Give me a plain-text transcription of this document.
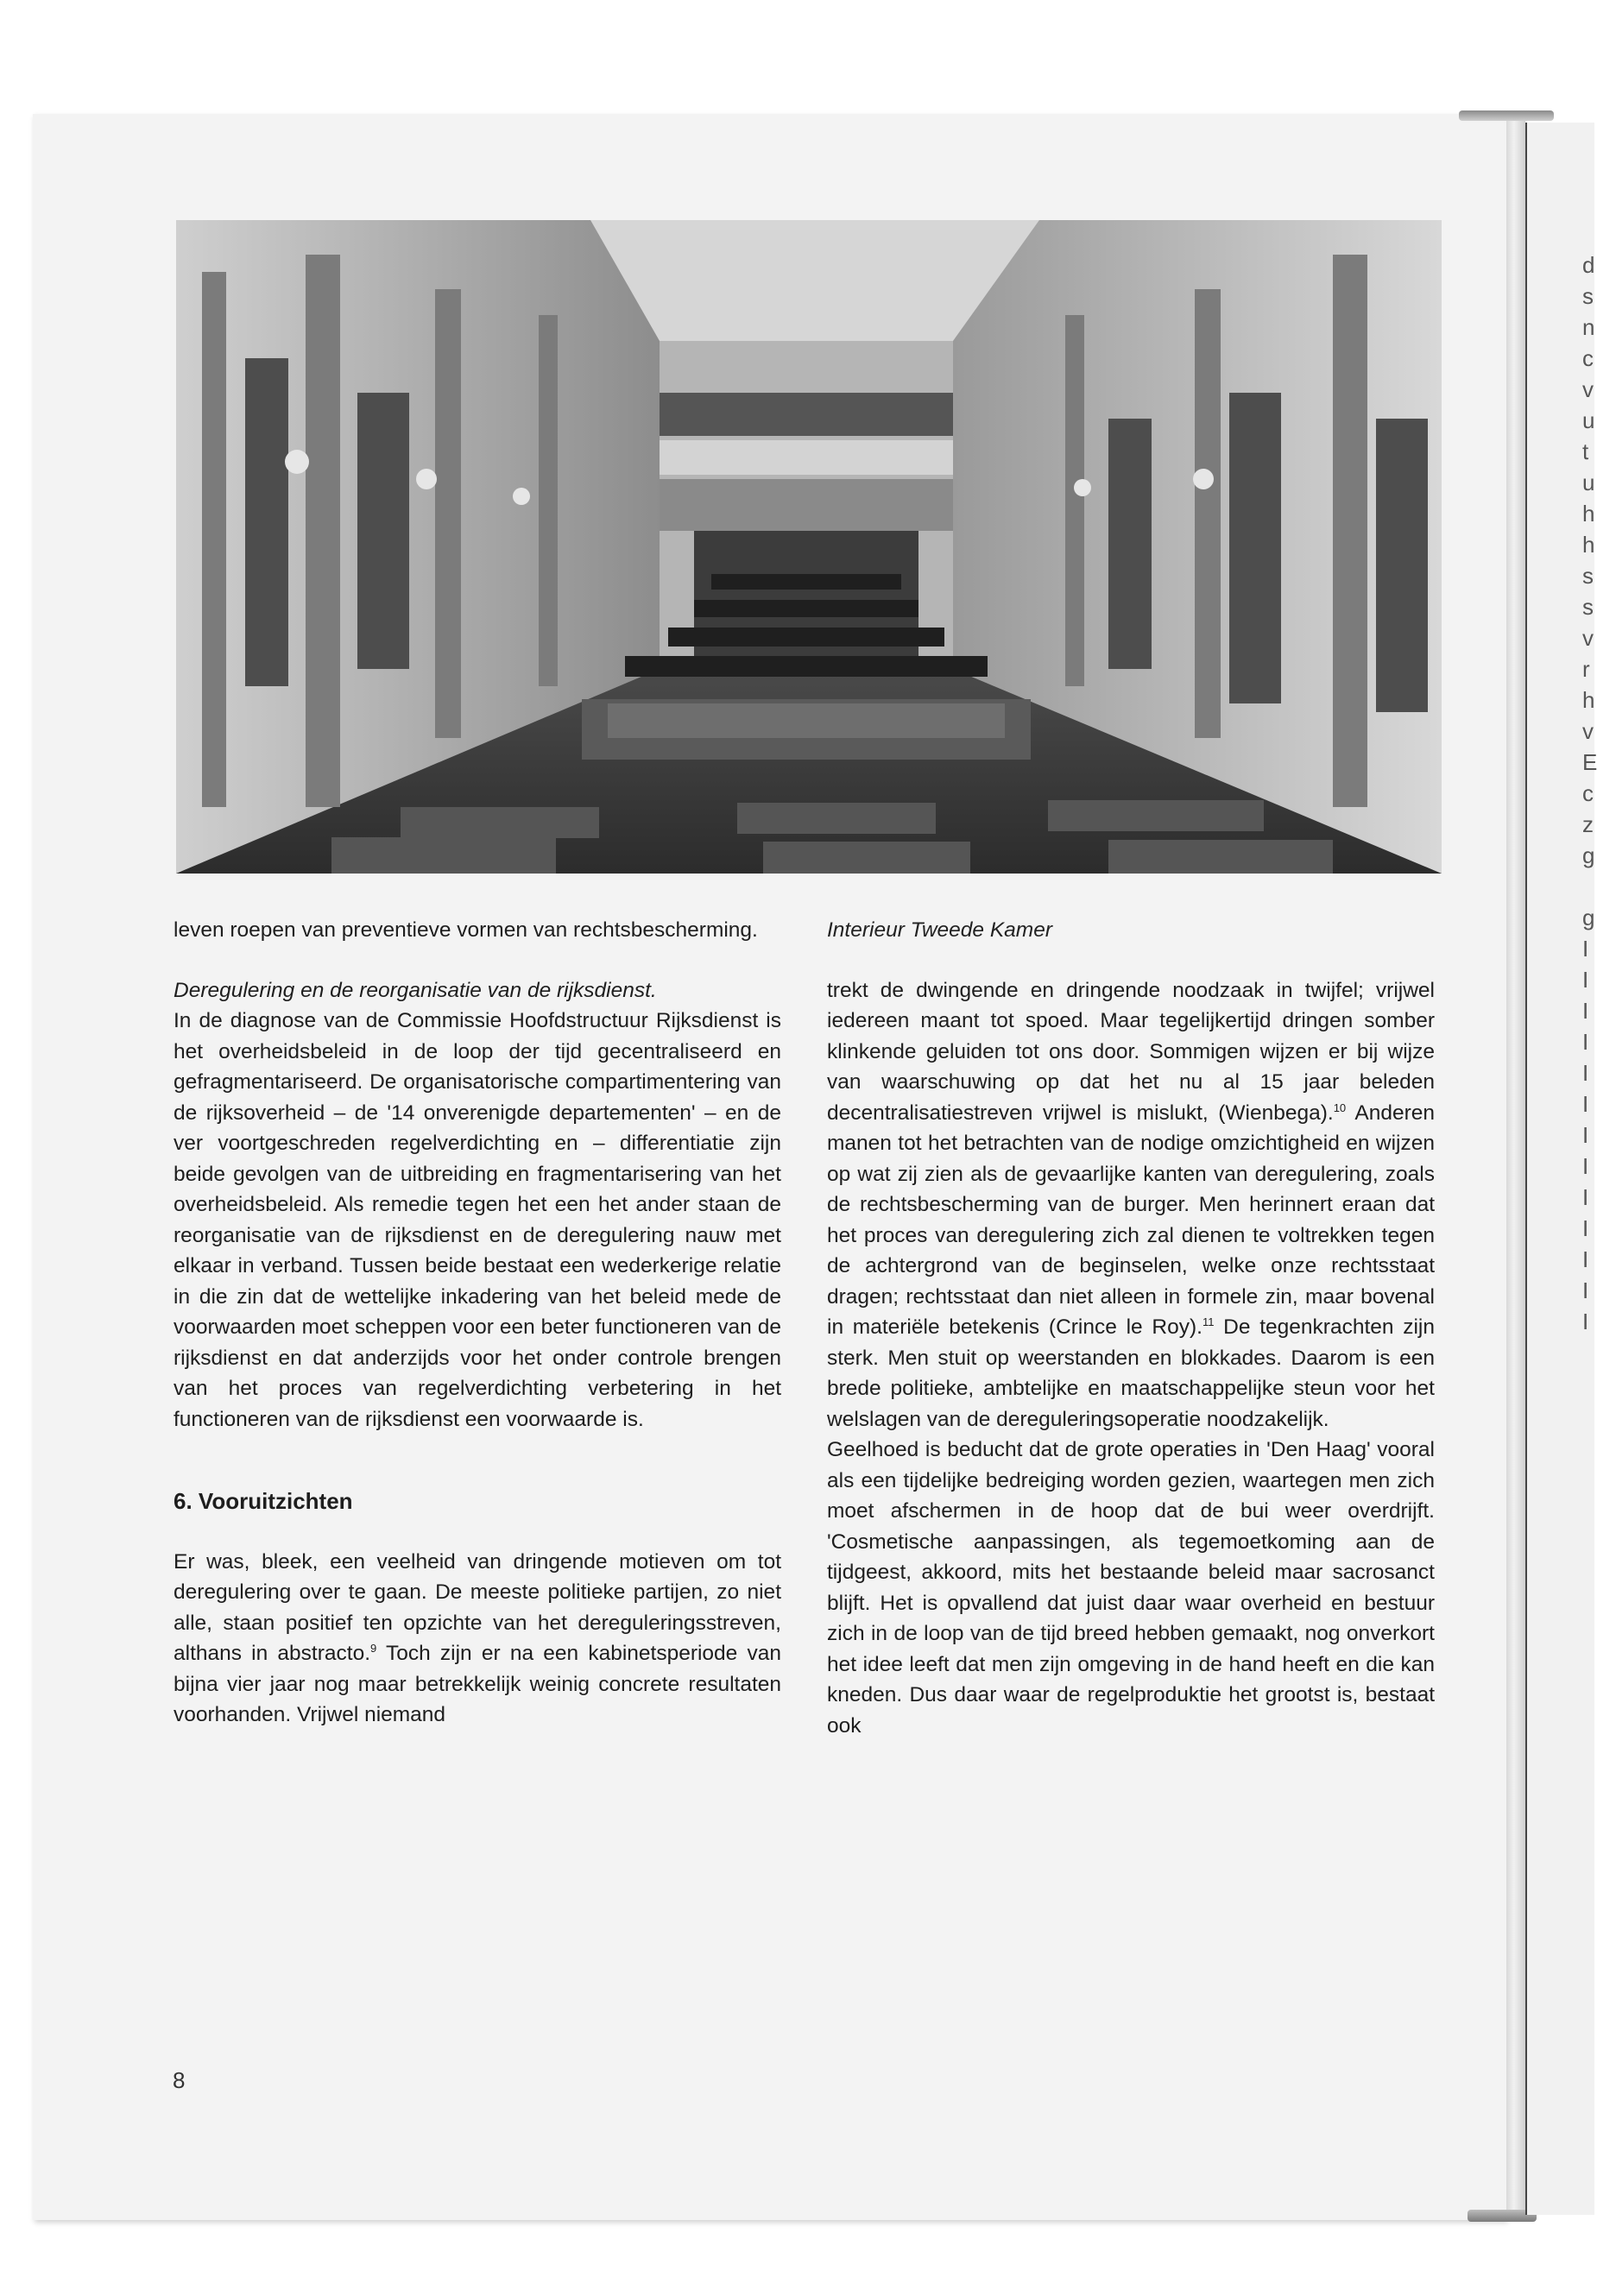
d
s
n
c
v
u
t
u
h
h
s
s
v
r
h
v
E
c
z
g
g
I
I
I
I
I
I
I
I
I
I
I
I
I

leven roepen van preventieve vormen van rechtsbescherming.

Deregulering en de reorganisatie van de rijksdienst.

In de diagnose van de Commissie Hoofdstructuur Rijksdienst is het overheidsbeleid in de loop der tijd gecentraliseerd en gefragmentariseerd. De organisatorische compartimentering van de rijksoverheid – de '14 onverenigde departementen' – en de ver voortgeschreden regelverdichting en – differentiatie zijn beide gevolgen van de uitbreiding en fragmentarisering van het overheidsbeleid. Als remedie tegen het een het ander staan de reorganisatie van de rijksdienst en de deregulering nauw met elkaar in verband. Tussen beide bestaat een wederkerige relatie in die zin dat de wettelijke inkadering van het beleid mede de voorwaarden moet scheppen voor een beter functioneren van de rijksdienst en dat anderzijds voor het onder controle brengen van het proces van regelverdichting verbetering in het functioneren van de rijksdienst een voorwaarde is.

6. Vooruitzichten

Er was, bleek, een veelheid van dringende motieven om tot deregulering over te gaan. De meeste politieke partijen, zo niet alle, staan positief ten opzichte van het dereguleringsstreven, althans in abstracto.$^9$ Toch zijn er na een kabinetsperiode van bijna vier jaar nog maar betrekkelijk weinig concrete resultaten voorhanden. Vrijwel niemand

Interieur Tweede Kamer

trekt de dwingende en dringende noodzaak in twijfel; vrijwel iedereen maant tot spoed. Maar tegelijkertijd dringen somber klinkende geluiden tot ons door. Sommigen wijzen er bij wijze van waarschuwing op dat het nu al 15 jaar beleden decentralisatiestreven vrijwel is mislukt, (Wienbega).$^{10}$ Anderen manen tot het betrachten van de nodige omzichtigheid en wijzen op wat zij zien als de gevaarlijke kanten van deregulering, zoals de rechtsbescherming van de burger. Men herinnert eraan dat het proces van deregulering zich zal dienen te voltrekken tegen de achtergrond van de beginselen, welke onze rechtsstaat dragen; rechtsstaat dan niet alleen in formele zin, maar bovenal in materiële betekenis (Crince le Roy).$^{11}$ De tegenkrachten zijn sterk. Men stuit op weerstanden en blokkades. Daarom is een brede politieke, ambtelijke en maatschappelijke steun voor het welslagen van de dereguleringsoperatie noodzakelijk.

Geelhoed is beducht dat de grote operaties in 'Den Haag' vooral als een tijdelijke bedreiging worden gezien, waartegen men zich moet afschermen in de hoop dat de bui weer overdrijft. 'Cosmetische aanpassingen, als tegemoetkoming aan de tijdgeest, akkoord, mits het bestaande beleid maar sacrosanct blijft. Het is opvallend dat juist daar waar overheid en bestuur zich in de loop van de tijd breed hebben gemaakt, nog onverkort het idee leeft dat men zijn omgeving in de hand heeft en die kan kneden. Dus daar waar de regelproduktie het grootst is, bestaat ook

8
